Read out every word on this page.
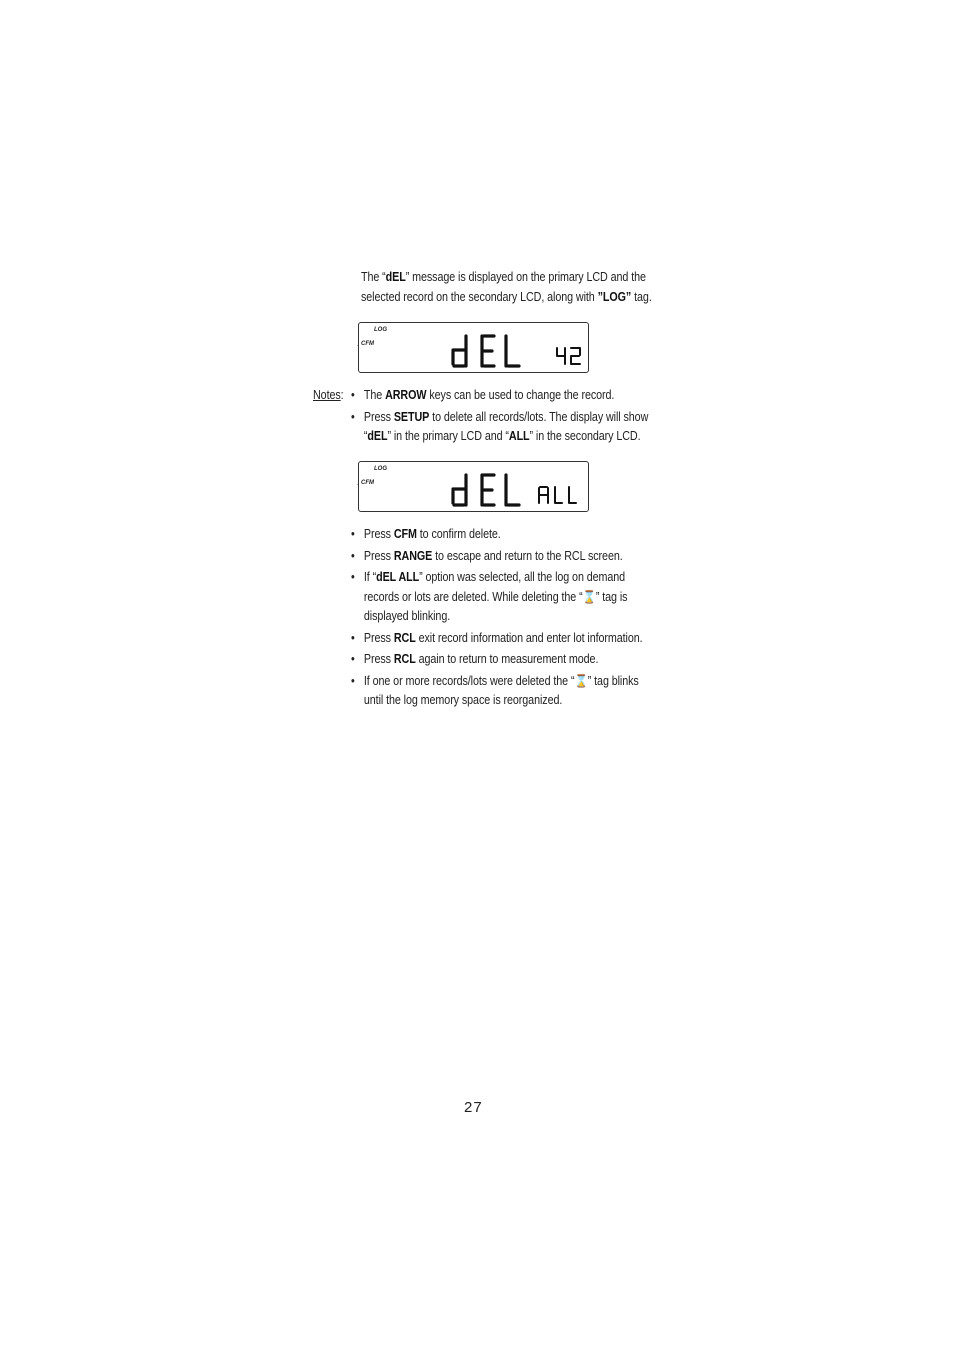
The “dEL” message is displayed on the primary LCD and the
selected record on the secondary LCD, along with ”LOG” tag.
LOG
CFM
Notes: • The ARROW keys can be used to change the record.
• Press SETUP to delete all records/lots. The display will show
“dEL” in the primary LCD and “ALL” in the secondary LCD.
LOG
CFM
• Press CFM to confirm delete.
• Press RANGE to escape and return to the RCL screen.
• If “dEL ALL” option was selected, all the log on demand
records or lots are deleted. While deleting the “⌛” tag is
displayed blinking.
• Press RCL exit record information and enter lot information.
• Press RCL again to return to measurement mode.
• If one or more records/lots were deleted the “⌛” tag blinks
until the log memory space is reorganized.
27
